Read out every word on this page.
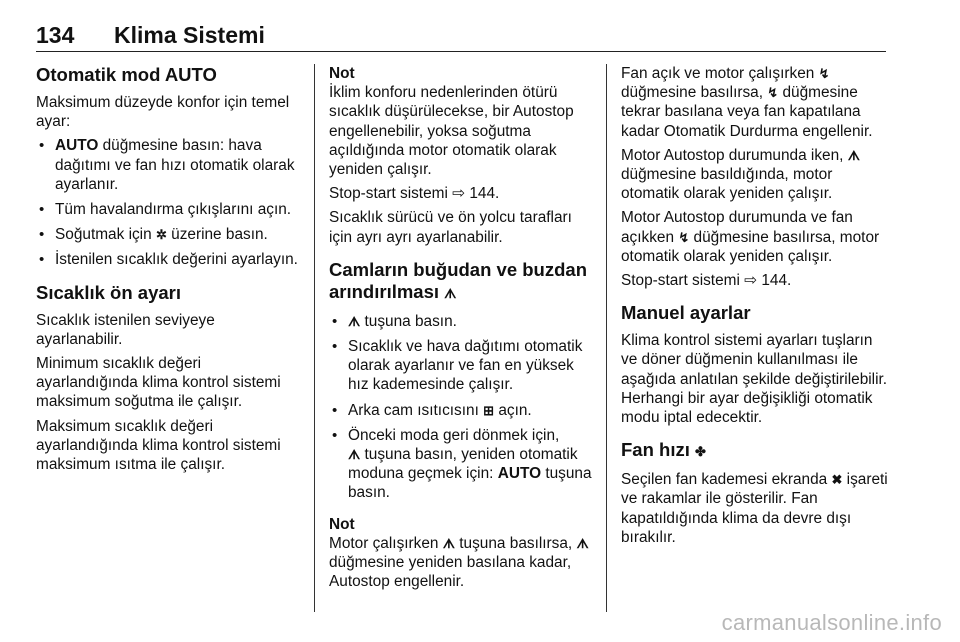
134 Klima Sistemi
Otomatik mod AUTO

Maksimum düzeyde konfor için temel ayar:

• AUTO düğmesine basın: hava dağıtımı ve fan hızı otomatik olarak ayarlanır.
• Tüm havalandırma çıkışlarını açın.
• Soğutmak için ✲ üzerine basın.
• İstenilen sıcaklık değerini ayarlayın.
Sıcaklık ön ayarı

Sıcaklık istenilen seviyeye ayarlanabilir.

Minimum sıcaklık değeri ayarlandığında klima kontrol sistemi maksimum soğutma ile çalışır.

Maksimum sıcaklık değeri ayarlandığında klima kontrol sistemi maksimum ısıtma ile çalışır.

Not

İklim konforu nedenlerinden ötürü sıcaklık düşürülecekse, bir Autostop engellenebilir, yoksa soğutma açıldığında motor otomatik olarak yeniden çalışır.

Stop-start sistemi ⇨ 144.

Sıcaklık sürücü ve ön yolcu tarafları için ayrı ayrı ayarlanabilir.

Camların buğudan ve buzdan arındırılması ᗑ
• ᗑ tuşuna basın.
• Sıcaklık ve hava dağıtımı otomatik olarak ayarlanır ve fan en yüksek hız kademesinde çalışır.
• Arka cam ısıtıcısını ⊞ açın.
• Önceki moda geri dönmek için,
ᗑ tuşuna basın, yeniden otomatik moduna geçmek için: AUTO tuşuna basın.

Not

Motor çalışırken ᗑ tuşuna basılırsa, ᗑ düğmesine yeniden basılana kadar, Autostop engellenir.

Fan açık ve motor çalışırken ↯ düğmesine basılırsa, ↯ düğmesine tekrar basılana veya fan kapatılana kadar Otomatik Durdurma engellenir.

Motor Autostop durumunda iken, ᗑ düğmesine basıldığında, motor otomatik olarak yeniden çalışır.

Motor Autostop durumunda ve fan açıkken ↯ düğmesine basılırsa, motor otomatik olarak yeniden çalışır.

Stop-start sistemi ⇨ 144.

Manuel ayarlar

Klima kontrol sistemi ayarları tuşların ve döner düğmenin kullanılması ile aşağıda anlatılan şekilde değiştirilebilir. Herhangi bir ayar değişikliği otomatik modu iptal edecektir.

Fan hızı ✤

Seçilen fan kademesi ekranda ✖ işareti ve rakamlar ile gösterilir. Fan kapatıldığında klima da devre dışı bırakılır.

carmanualsonline.info
